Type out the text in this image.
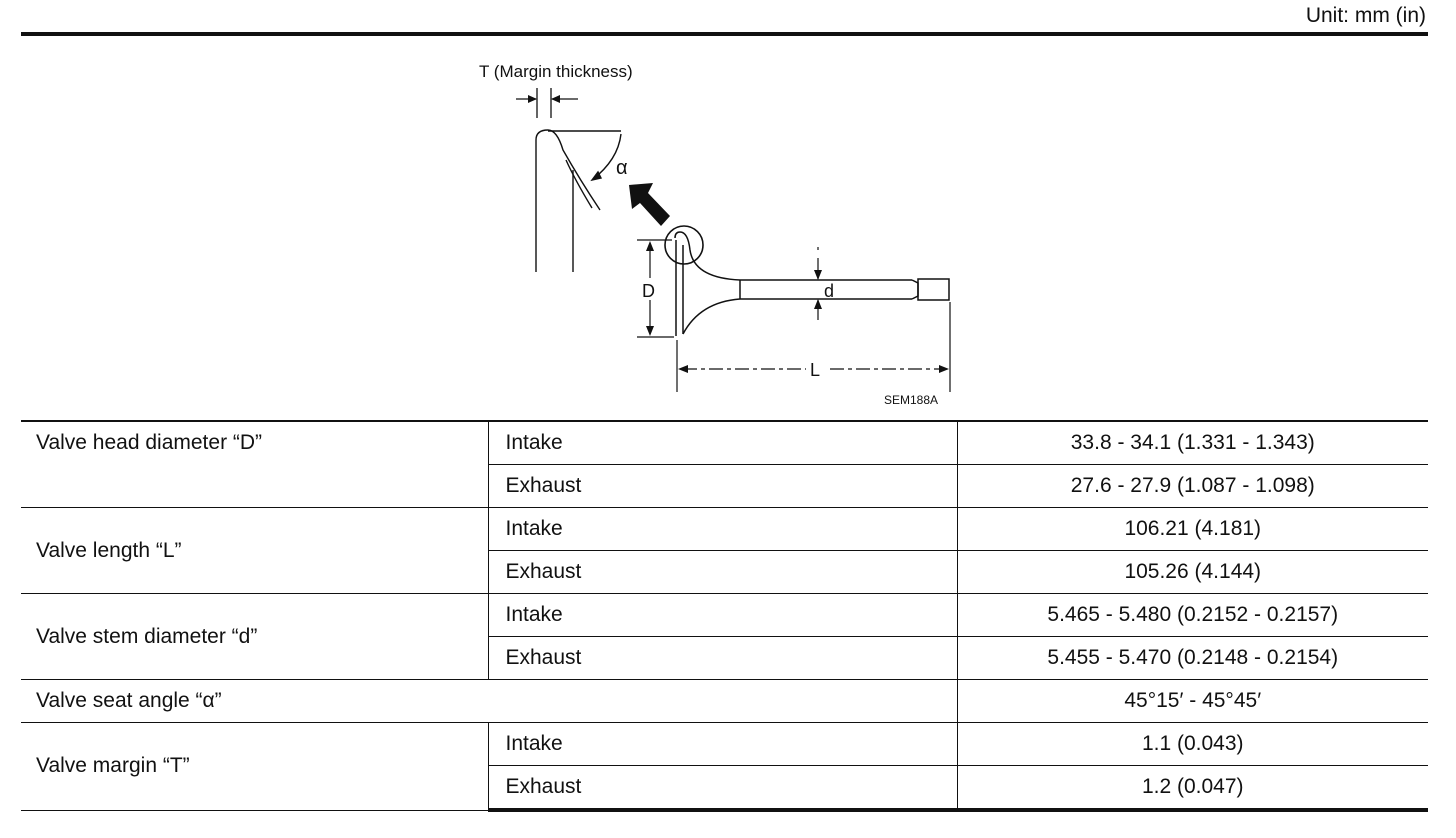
Unit: mm (in)
T (Margin thickness)
α
D	d
L
SEM188A
Valve head diameter “D”	Intake	33.8 - 34.1 (1.331 - 1.343)
	Exhaust	27.6 - 27.9 (1.087 - 1.098)
Valve length “L”	Intake	106.21 (4.181)
	Exhaust	105.26 (4.144)
Valve stem diameter “d”	Intake	5.465 - 5.480 (0.2152 - 0.2157)
	Exhaust	5.455 - 5.470 (0.2148 - 0.2154)
Valve seat angle “α”		45°15′ - 45°45′
Valve margin “T”	Intake	1.1 (0.043)
	Exhaust	1.2 (0.047)
